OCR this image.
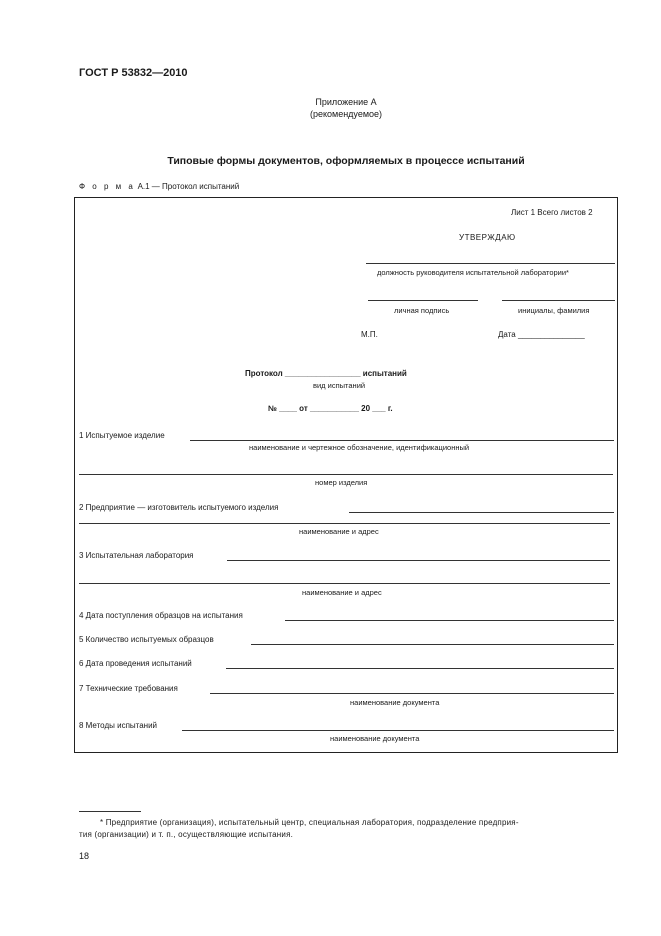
ГОСТ Р 53832—2010
Приложение А
(рекомендуемое)
Типовые формы документов, оформляемых в процессе испытаний
Ф о р м а А.1 — Протокол испытаний
Лист 1 Всего листов 2
УТВЕРЖДАЮ
должность руководителя испытательной лаборатории*
личная подпись	инициалы, фамилия
М.П.	Дата _______________
Протокол _________________ испытаний
вид испытаний
№ ____ от ___________ 20 ___ г.
1 Испытуемое изделие
наименование и чертежное обозначение, идентификационный
номер изделия
2 Предприятие — изготовитель испытуемого изделия
наименование и адрес
3 Испытательная лаборатория
наименование и адрес
4 Дата поступления образцов на испытания
5 Количество испытуемых образцов
6 Дата проведения испытаний
7 Технические требования
наименование документа
8 Методы испытаний
наименование документа
* Предприятие (организация), испытательный центр, специальная лаборатория, подразделение предприя-
тия (организации) и т. п., осуществляющие испытания.
18
